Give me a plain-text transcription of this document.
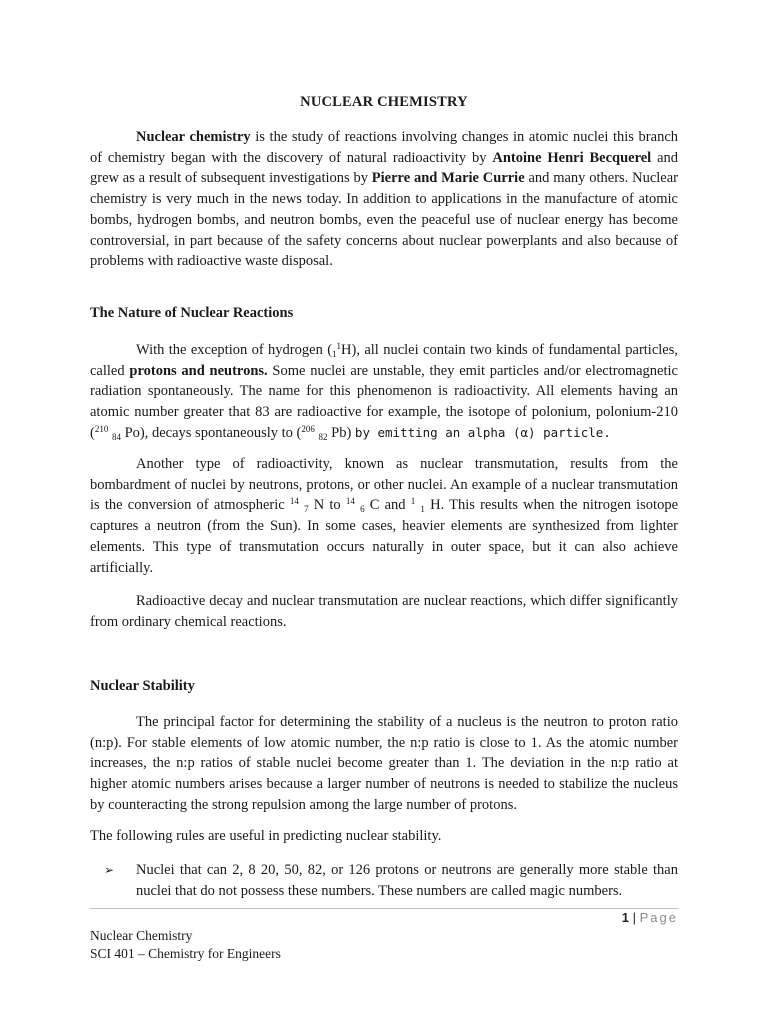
NUCLEAR CHEMISTRY

Nuclear chemistry is the study of reactions involving changes in atomic nuclei this branch of chemistry began with the discovery of natural radioactivity by Antoine Henri Becquerel and grew as a result of subsequent investigations by Pierre and Marie Currie and many others. Nuclear chemistry is very much in the news today. In addition to applications in the manufacture of atomic bombs, hydrogen bombs, and neutron bombs, even the peaceful use of nuclear energy has become controversial, in part because of the safety concerns about nuclear powerplants and also because of problems with radioactive waste disposal.

The Nature of Nuclear Reactions

With the exception of hydrogen $(_1^1H)$, all nuclei contain two kinds of fundamental particles, called protons and neutrons. Some nuclei are unstable, they emit particles and/or electromagnetic radiation spontaneously. The name for this phenomenon is radioactivity. All elements having an atomic number greater that 83 are radioactive for example, the isotope of polonium, polonium-210 ($^{210}$ $_{84}$ Po), decays spontaneously to ($^{206}$ $_{82}$ Pb) by emitting an alpha (α) particle.

Another type of radioactivity, known as nuclear transmutation, results from the bombardment of nuclei by neutrons, protons, or other nuclei. An example of a nuclear transmutation is the conversion of atmospheric $^{14}$ $_7$ N to $^{14}$ $_6$ C and $^1$ $_1$ H. This results when the nitrogen isotope captures a neutron (from the Sun). In some cases, heavier elements are synthesized from lighter elements. This type of transmutation occurs naturally in outer space, but it can also achieve artificially.

Radioactive decay and nuclear transmutation are nuclear reactions, which differ significantly from ordinary chemical reactions.

Nuclear Stability

The principal factor for determining the stability of a nucleus is the neutron to proton ratio (n:p). For stable elements of low atomic number, the n:p ratio is close to 1. As the atomic number increases, the n:p ratios of stable nuclei become greater than 1. The deviation in the n:p ratio at higher atomic numbers arises because a larger number of neutrons is needed to stabilize the nucleus by counteracting the strong repulsion among the large number of protons.

The following rules are useful in predicting nuclear stability.

➢ Nuclei that can 2, 8 20, 50, 82, or 126 protons or neutrons are generally more stable than nuclei that do not possess these numbers. These numbers are called magic numbers.

1 | Page
Nuclear Chemistry
SCI 401 – Chemistry for Engineers
